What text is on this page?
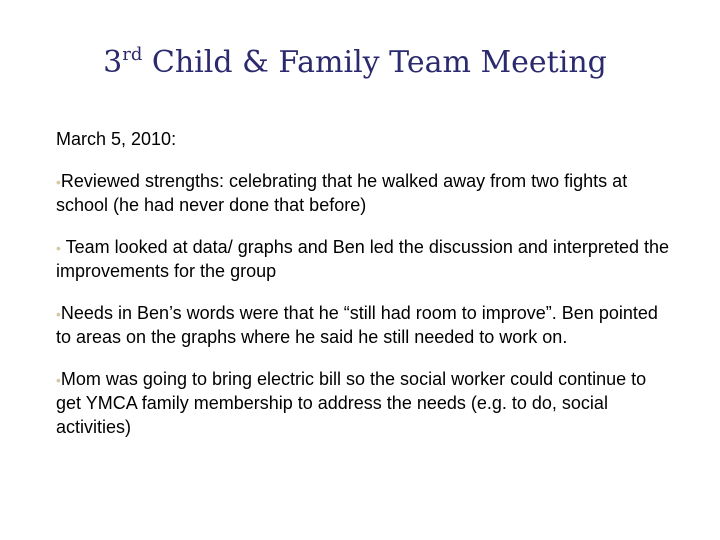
3rd Child & Family Team Meeting
March 5, 2010:
•Reviewed strengths: celebrating that he walked away from two fights at school (he had never done that before)
• Team looked at data/ graphs and Ben led the discussion and interpreted the improvements for the group
•Needs in Ben’s words were that he “still had room to improve”. Ben pointed to areas on the graphs where he said he still needed to work on.
•Mom was going to bring electric bill so the social worker could continue to get YMCA family membership to address the needs (e.g. to do, social activities)
